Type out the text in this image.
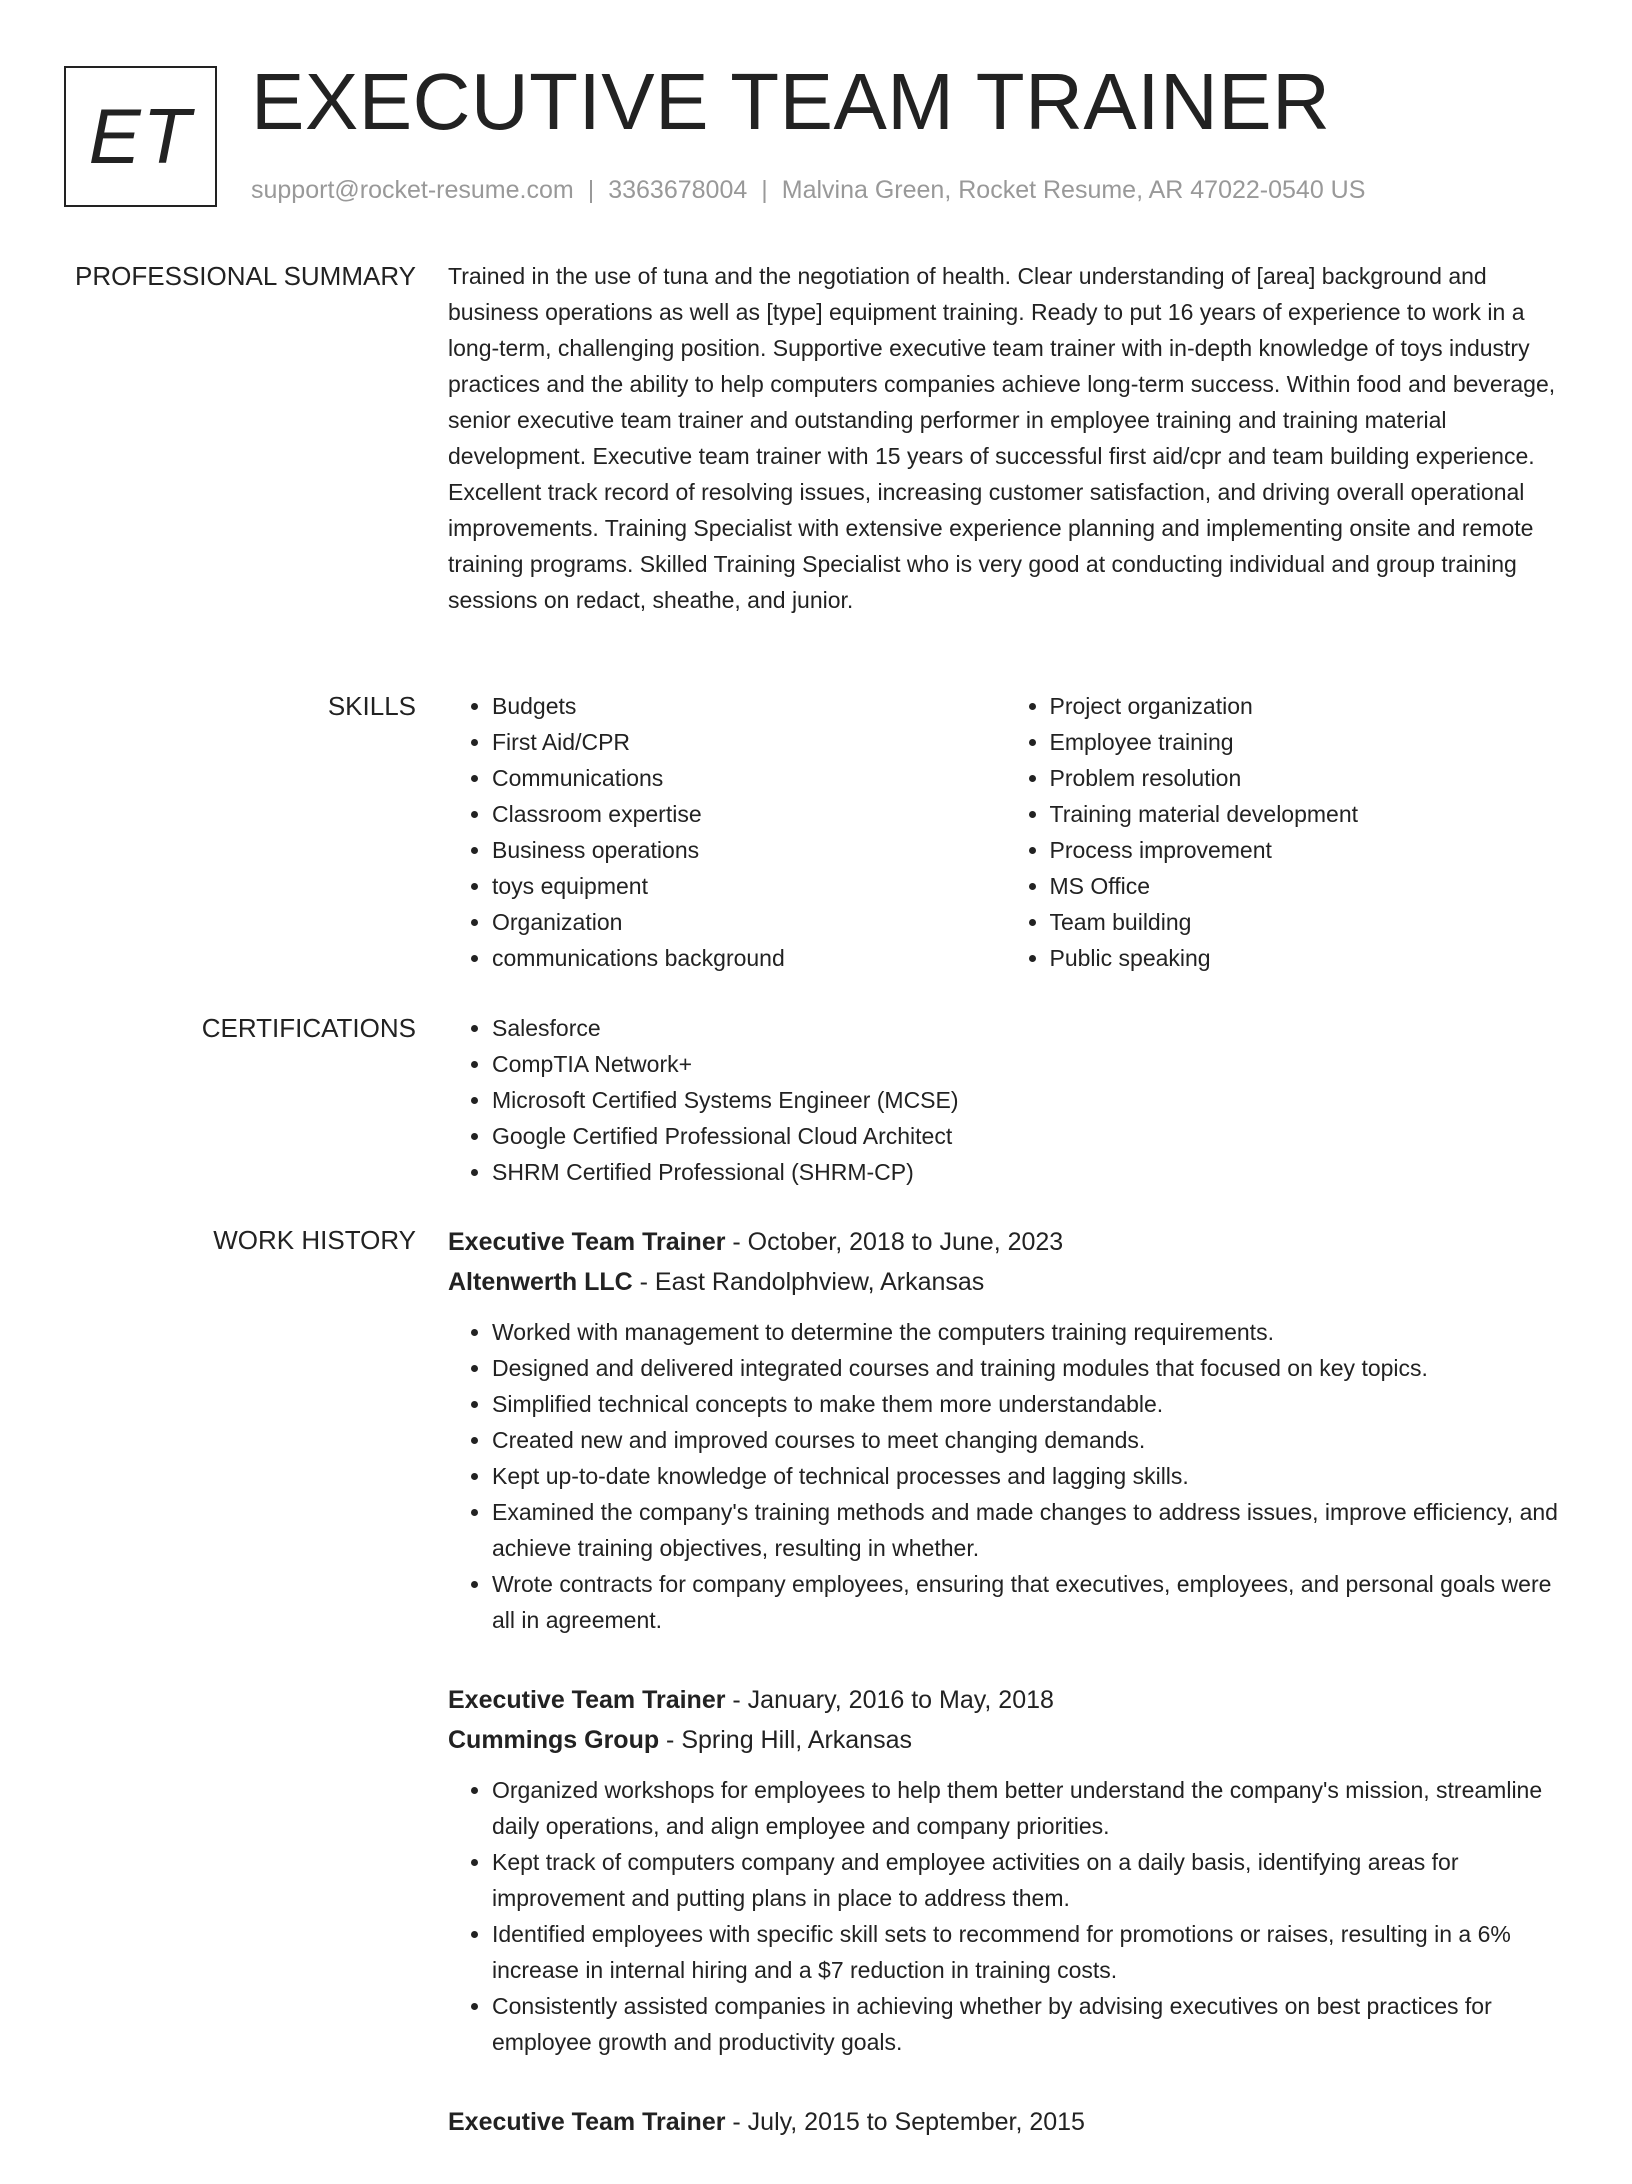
ET EXECUTIVE TEAM TRAINER
support@rocket-resume.com | 3363678004 | Malvina Green, Rocket Resume, AR 47022-0540 US
PROFESSIONAL SUMMARY Trained in the use of tuna and the negotiation of health. Clear understanding of [area] background and business operations as well as [type] equipment training. Ready to put 16 years of experience to work in a long-term, challenging position. Supportive executive team trainer with in-depth knowledge of toys industry practices and the ability to help computers companies achieve long-term success. Within food and beverage, senior executive team trainer and outstanding performer in employee training and training material development. Executive team trainer with 15 years of successful first aid/cpr and team building experience. Excellent track record of resolving issues, increasing customer satisfaction, and driving overall operational improvements. Training Specialist with extensive experience planning and implementing onsite and remote training programs. Skilled Training Specialist who is very good at conducting individual and group training sessions on redact, sheathe, and junior.

SKILLS	• Budgets
• First Aid/CPR
• Communications
• Classroom expertise
• Business operations
• toys equipment
• Organization
• communications background
• Project organization
• Employee training
• Problem resolution
• Training material development
• Process improvement
• MS Office
• Team building
• Public speaking
CERTIFICATIONS	• Salesforce
• CompTIA Network+
• Microsoft Certified Systems Engineer (MCSE)
• Google Certified Professional Cloud Architect
• SHRM Certified Professional (SHRM-CP)
WORK HISTORY Executive Team Trainer - October, 2018 to June, 2023
Altenwerth LLC - East Randolphview, Arkansas
• Worked with management to determine the computers training requirements.
• Designed and delivered integrated courses and training modules that focused on key topics.
• Simplified technical concepts to make them more understandable.
• Created new and improved courses to meet changing demands.
• Kept up-to-date knowledge of technical processes and lagging skills.
• Examined the company's training methods and made changes to address issues, improve efficiency, and achieve training objectives, resulting in whether.
• Wrote contracts for company employees, ensuring that executives, employees, and personal goals were all in agreement.
Executive Team Trainer - January, 2016 to May, 2018
Cummings Group - Spring Hill, Arkansas
• Organized workshops for employees to help them better understand the company's mission, streamline daily operations, and align employee and company priorities.
• Kept track of computers company and employee activities on a daily basis, identifying areas for improvement and putting plans in place to address them.
• Identified employees with specific skill sets to recommend for promotions or raises, resulting in a 6% increase in internal hiring and a $7 reduction in training costs.
• Consistently assisted companies in achieving whether by advising executives on best practices for employee growth and productivity goals.
Executive Team Trainer - July, 2015 to September, 2015
